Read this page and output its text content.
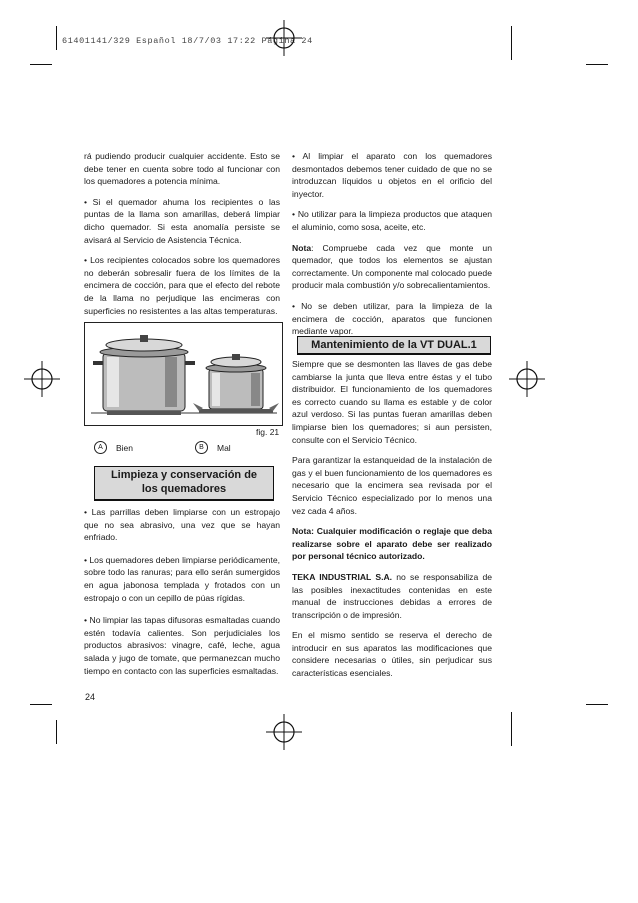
61401141/329 Español 18/7/03 17:22 Página 24

rá pudiendo producir cualquier accidente. Esto se debe tener en cuenta sobre todo al funcionar con los quemadores a potencia mínima.

• Si el quemador ahuma los recipientes o las puntas de la llama son amarillas, deberá limpiar dicho quemador. Si esta anomalía persiste se avisará al Servicio de Asistencia Técnica.

• Los recipientes colocados sobre los quemadores no deberán sobresalir fuera de los límites de la encimera de cocción, para que el efecto del rebote de la llama no perjudique las encimeras con superficies no resistentes a las altas temperaturas.

fig. 21
A	Bien	B	Mal
Limpieza y conservación de
los quemadores

• Las parrillas deben limpiarse con un estropajo que no sea abrasivo, una vez que se hayan enfriado.

• Los quemadores deben limpiarse periódicamente, sobre todo las ranuras; para ello serán sumergidos en agua jabonosa templada y frotados con un estropajo o con un cepillo de púas rígidas.

• No limpiar las tapas difusoras esmaltadas cuando estén todavía calientes. Son perjudiciales los productos abrasivos: vinagre, café, leche, agua salada y jugo de tomate, que permanezcan mucho tiempo en contacto con las superficies esmaltadas.

24

• Al limpiar el aparato con los quemadores desmontados debemos tener cuidado de que no se introduzcan líquidos u objetos en el orificio del inyector.

• No utilizar para la limpieza productos que ataquen el aluminio, como sosa, aceite, etc.

Nota: Compruebe cada vez que monte un quemador, que todos los elementos se ajustan correctamente. Un componente mal colocado puede producir mala combustión y/o sobrecalientamientos.

• No se deben utilizar, para la limpieza de la encimera de cocción, aparatos que funcionen mediante vapor.

Mantenimiento de la VT DUAL.1

Siempre que se desmonten las llaves de gas debe cambiarse la junta que lleva entre éstas y el tubo distribuidor. El funcionamiento de los quemadores es correcto cuando su llama es estable y de color azul verdoso. Si las puntas fueran amarillas deben limpiarse bien los quemadores; si aun persisten, consulte con el Servicio Técnico.

Para garantizar la estanqueidad de la instalación de gas y el buen funcionamiento de los quemadores es necesario que la encimera sea revisada por el Servicio Técnico especializado por lo menos una vez cada 4 años.

Nota: Cualquier modificación o reglaje que deba realizarse sobre el aparato debe ser realizado por personal técnico autorizado.

TEKA INDUSTRIAL S.A. no se responsabiliza de las posibles inexactitudes contenidas en este manual de instrucciones debidas a errores de transcripción o de impresión.

En el mismo sentido se reserva el derecho de introducir en sus aparatos las modificaciones que considere necesarias o útiles, sin perjudicar sus características esenciales.
